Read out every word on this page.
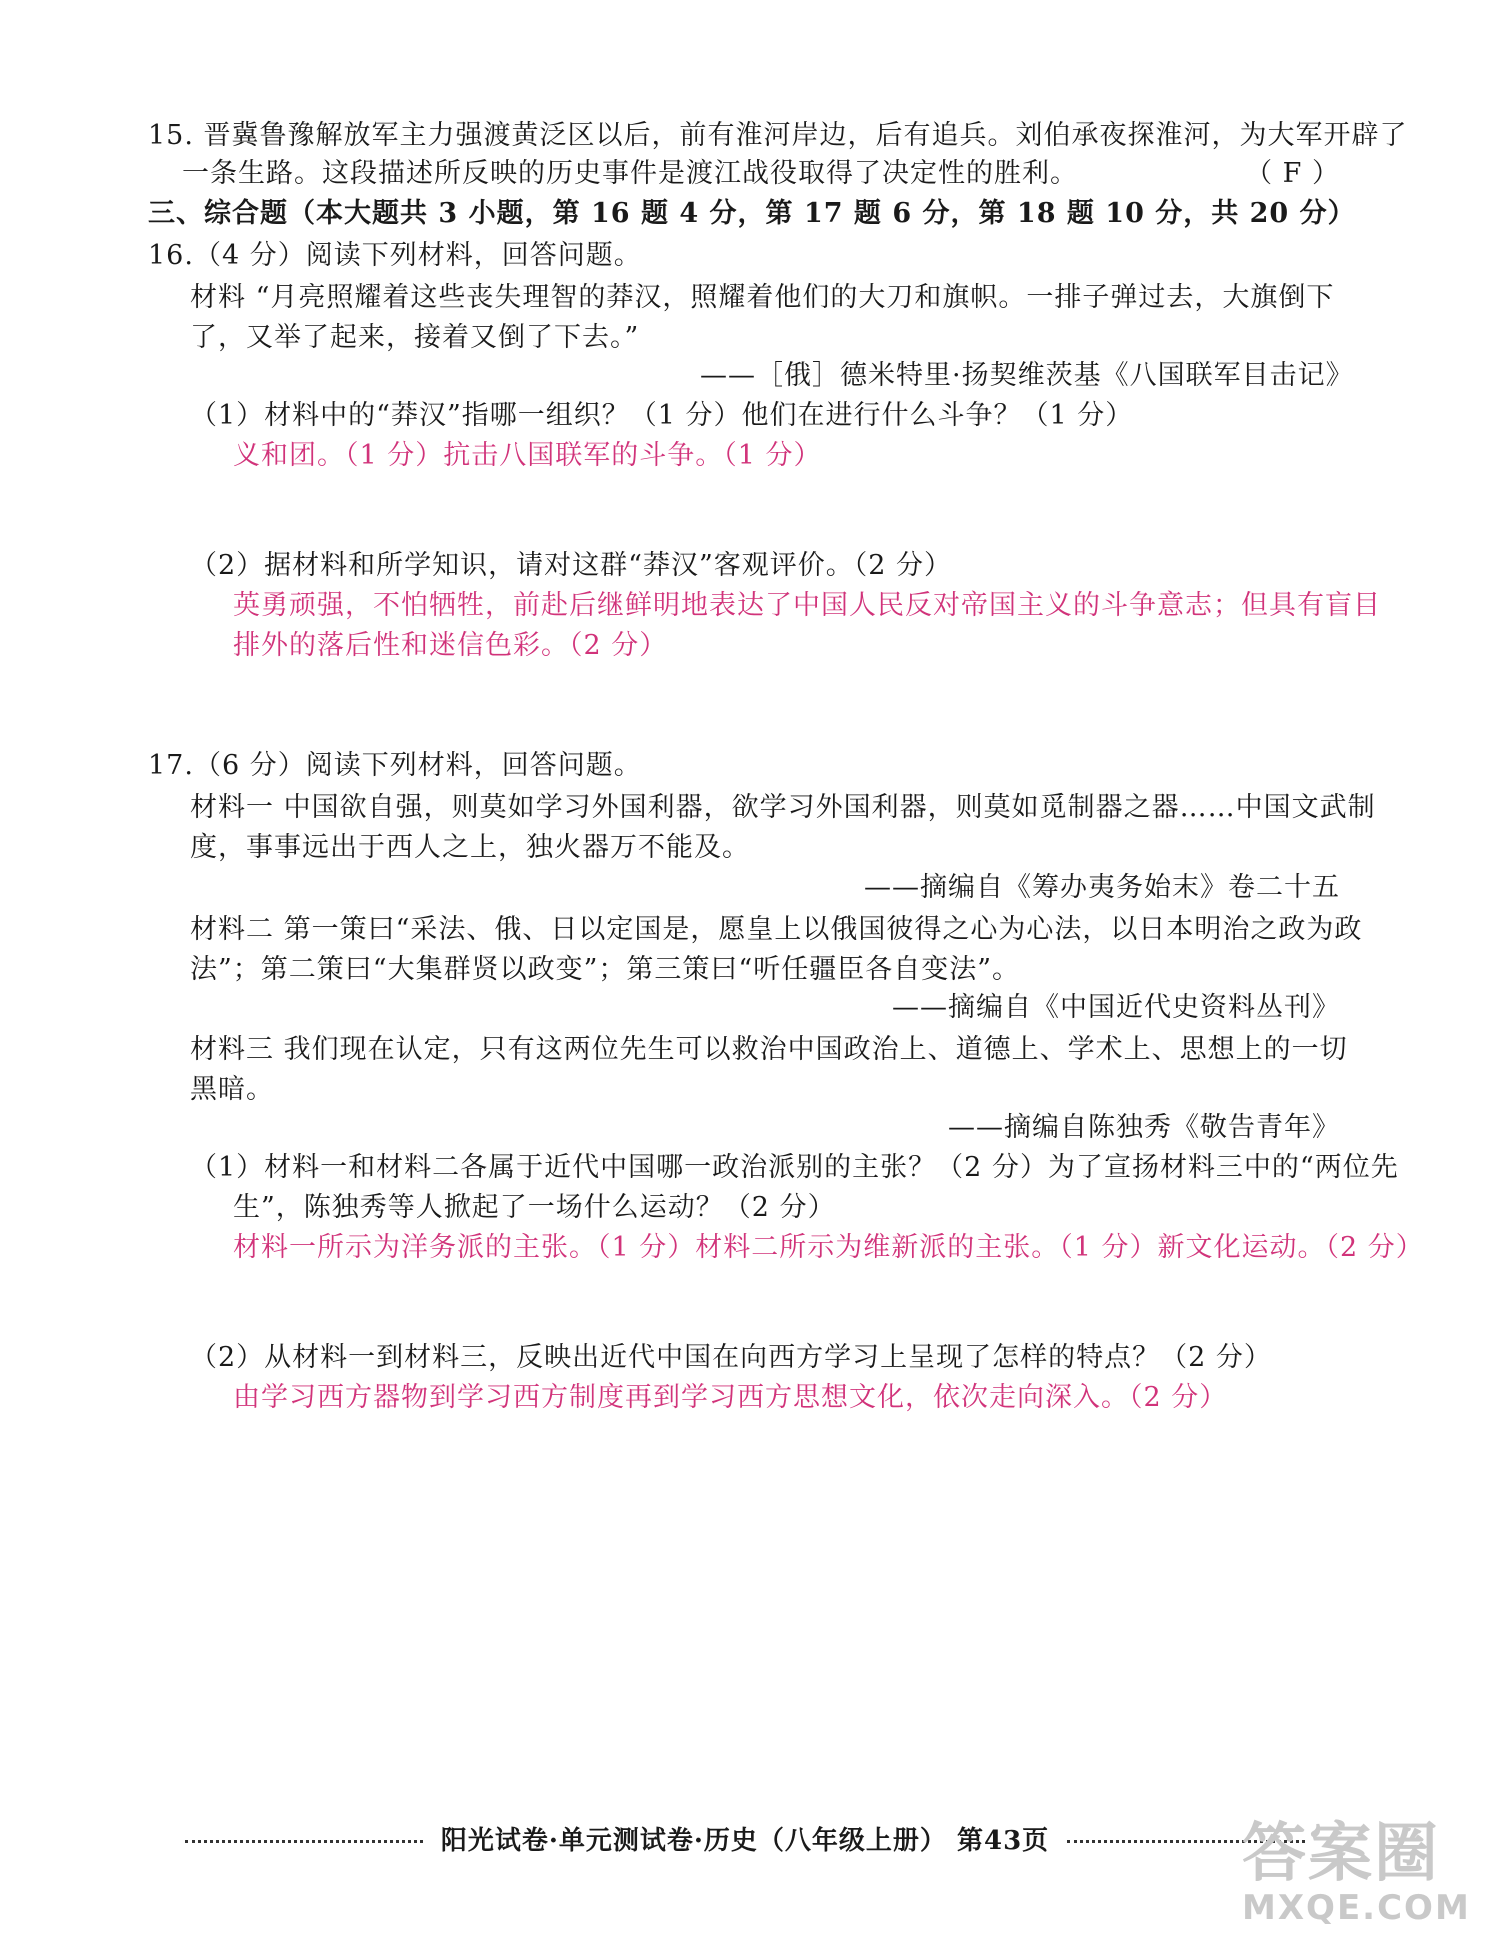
15. 晋冀鲁豫解放军主力强渡黄泛区以后，前有淮河岸边，后有追兵。刘伯承夜探淮河，为大军开辟了
一条生路。这段描述所反映的历史事件是渡江战役取得了决定性的胜利。	（ F ）
三、综合题（本大题共 3 小题，第 16 题 4 分，第 17 题 6 分，第 18 题 10 分，共 20 分）
16.（4 分）阅读下列材料，回答问题。
材料 “月亮照耀着这些丧失理智的莽汉，照耀着他们的大刀和旗帜。一排子弹过去，大旗倒下
了，又举了起来，接着又倒了下去。”
——［俄］德米特里·扬契维茨基《八国联军目击记》
（1）材料中的“莽汉”指哪一组织？（1 分）他们在进行什么斗争？（1 分）
义和团。（1 分）抗击八国联军的斗争。（1 分）
（2）据材料和所学知识，请对这群“莽汉”客观评价。（2 分）
英勇顽强，不怕牺牲，前赴后继鲜明地表达了中国人民反对帝国主义的斗争意志；但具有盲目
排外的落后性和迷信色彩。（2 分）
17.（6 分）阅读下列材料，回答问题。
材料一 中国欲自强，则莫如学习外国利器，欲学习外国利器，则莫如觅制器之器……中国文武制
度，事事远出于西人之上，独火器万不能及。
——摘编自《筹办夷务始末》卷二十五
材料二 第一策曰“采法、俄、日以定国是，愿皇上以俄国彼得之心为心法，以日本明治之政为政
法”；第二策曰“大集群贤以政变”；第三策曰“听任疆臣各自变法”。
——摘编自《中国近代史资料丛刊》
材料三 我们现在认定，只有这两位先生可以救治中国政治上、道德上、学术上、思想上的一切
黑暗。
——摘编自陈独秀《敬告青年》
（1）材料一和材料二各属于近代中国哪一政治派别的主张？（2 分）为了宣扬材料三中的“两位先
生”，陈独秀等人掀起了一场什么运动？（2 分）
材料一所示为洋务派的主张。（1 分）材料二所示为维新派的主张。（1 分）新文化运动。（2 分）
（2）从材料一到材料三，反映出近代中国在向西方学习上呈现了怎样的特点？（2 分）
由学习西方器物到学习西方制度再到学习西方思想文化，依次走向深入。（2 分）
阳光试卷·单元测试卷·历史（八年级上册） 第43页	答案圈
MXQE.COM
